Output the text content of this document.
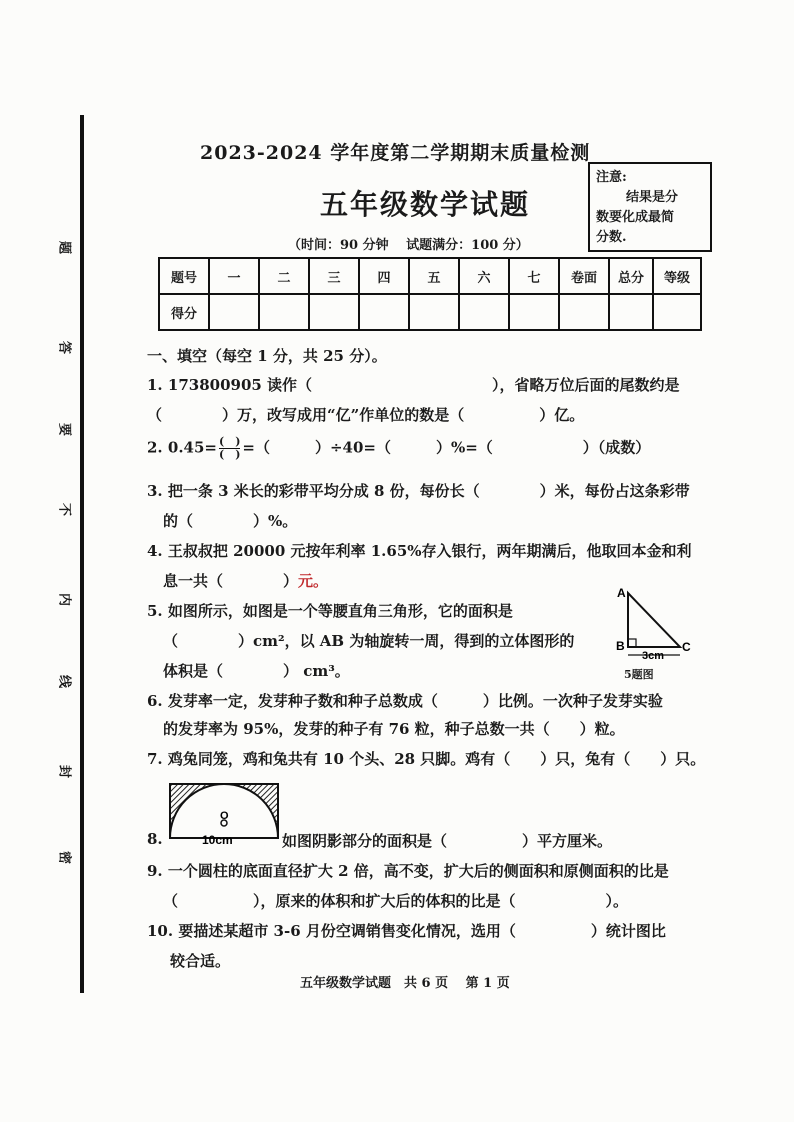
题
答
要
不
内
线
封
密
2023-2024 学年度第二学期期末质量检测
五年级数学试题
（时间：90 分钟　 试题满分：100 分）
注意:

结果是分
数要化成最简
分数.
题号	一	二	三	四	五	六	七	卷面	总分	等级
得分										
一、填空（每空 1 分，共 25 分）。
1. 173800905 读作（　　　　　　　　　　　　），省略万位后面的尾数约是
（　　　　）万，改写成用“亿”作单位的数是（　　　　　）亿。
2. $0.45= \frac{( )}{( )}$ =（　　　）÷40=（　　　）%=（　　　　　　）（成数）
3. 把一条 3 米长的彩带平均分成 8 份，每份长（　　　　）米，每份占这条彩带
的（　　　　）%。
4. 王叔叔把 20000 元按年利率 1.65%存入银行，两年期满后，他取回本金和利
息一共（　　　　）元。
5. 如图所示，如图是一个等腰直角三角形，它的面积是
（　　　　）cm²，以 AB 为轴旋转一周，得到的立体图形的
体积是（　　　　） cm³。
A
B	C
3cm
5题图
6. 发芽率一定，发芽种子数和种子总数成（　　　）比例。一次种子发芽实验
的发芽率为 95%，发芽的种子有 76 粒，种子总数一共（　　）粒。
7. 鸡兔同笼，鸡和兔共有 10 个头、28 只脚。鸡有（　　）只，兔有（　　）只。
O
10cm
8.	如图阴影部分的面积是（　　　　　）平方厘米。
9. 一个圆柱的底面直径扩大 2 倍，高不变，扩大后的侧面积和原侧面积的比是
（　　　　　），原来的体积和扩大后的体积的比是（　　　　　　）。
10. 要描述某超市 3-6 月份空调销售变化情况，选用（　　　　　）统计图比
较合适。
五年级数学试题　共 6 页　 第 1 页
